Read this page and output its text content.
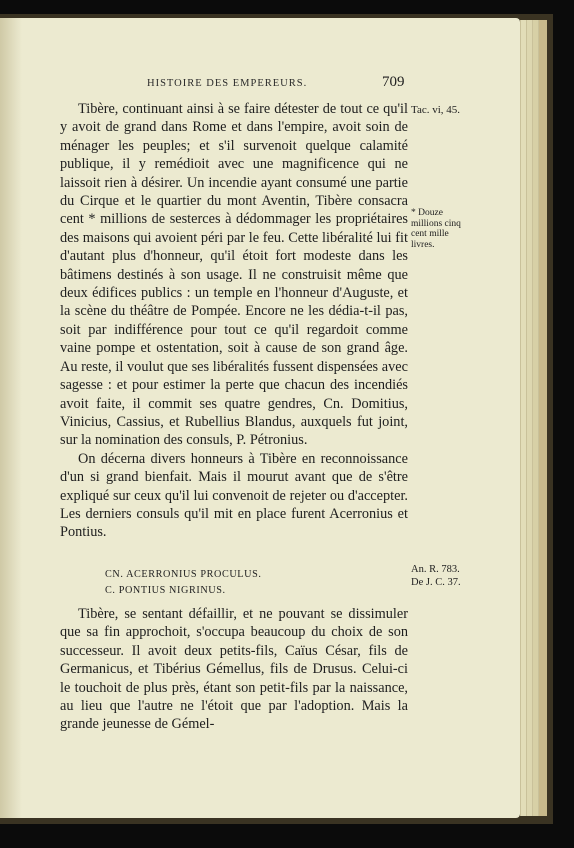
HISTOIRE DES EMPEREURS.	709

Tibère, continuant ainsi à se faire détester de tout ce qu'il y avoit de grand dans Rome et dans l'empire, avoit soin de ménager les peuples; et s'il survenoit quelque calamité publique, il y remédioit avec une magnificence qui ne laissoit rien à désirer. Un incendie ayant consumé une partie du Cirque et le quartier du mont Aventin, Tibère consacra cent * millions de sesterces à dédommager les propriétaires des maisons qui avoient péri par le feu. Cette libéralité lui fit d'autant plus d'honneur, qu'il étoit fort modeste dans les bâtimens destinés à son usage. Il ne construisit même que deux édifices publics : un temple en l'honneur d'Auguste, et la scène du théâtre de Pompée. Encore ne les dédia-t-il pas, soit par indifférence pour tout ce qu'il regardoit comme vaine pompe et ostentation, soit à cause de son grand âge. Au reste, il voulut que ses libéralités fussent dispensées avec sagesse : et pour estimer la perte que chacun des incendiés avoit faite, il commit ses quatre gendres, Cn. Domitius, Vinicius, Cassius, et Rubellius Blandus, auxquels fut joint, sur la nomination des consuls, P. Pétronius.

On décerna divers honneurs à Tibère en reconnoissance d'un si grand bienfait. Mais il mourut avant que de s'être expliqué sur ceux qu'il lui convenoit de rejeter ou d'accepter. Les derniers consuls qu'il mit en place furent Acerronius et Pontius.

CN. ACERRONIUS PROCULUS.
C. PONTIUS NIGRINUS.

Tibère, se sentant défaillir, et ne pouvant se dissimuler que sa fin approchoit, s'occupa beaucoup du choix de son successeur. Il avoit deux petits-fils, Caïus César, fils de Germanicus, et Tibérius Gémellus, fils de Drusus. Celui-ci le touchoit de plus près, étant son petit-fils par la naissance, au lieu que l'autre ne l'étoit que par l'adoption. Mais la grande jeunesse de Gémel-

Tac. vi, 45.
* Douze millions cinq cent mille livres.
An. R. 783.
De J. C. 37.
